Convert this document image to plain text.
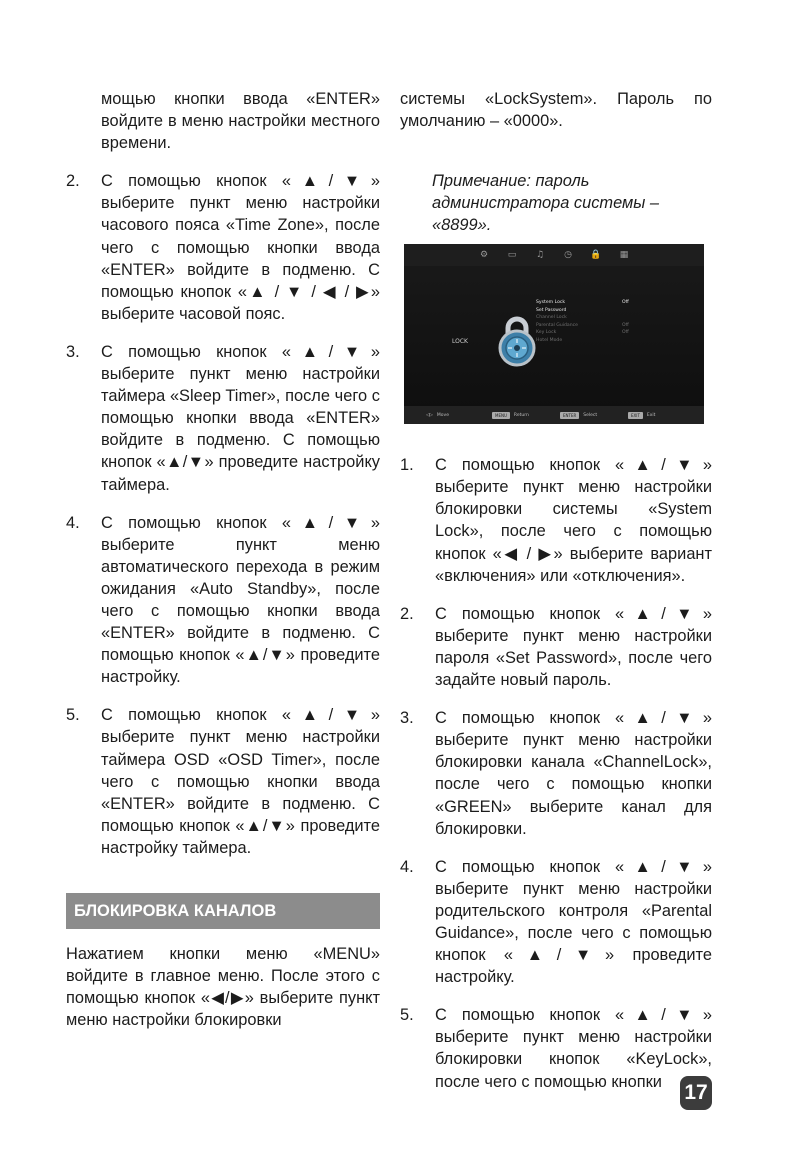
мощью кнопки ввода «ENTER» войдите в меню настройки местного времени.

2.	С помощью кнопок «▲/▼» выберите пункт меню настройки часового пояса «Time Zone», после чего с помощью кнопки ввода «ENTER» войдите в подменю. С помощью кнопок «▲ / ▼ / ◀ / ▶» выберите часовой пояс.
3.	С помощью кнопок «▲/▼» выберите пункт меню настройки таймера «Sleep Timer», после чего с помощью кнопки ввода «ENTER» войдите в подменю. С помощью кнопок «▲/▼» проведите настройку таймера.
4.	С помощью кнопок «▲/▼» выберите пункт меню автоматического перехода в режим ожидания «Auto Standby», после чего с помощью кнопки ввода «ENTER» войдите в подменю. С помощью кнопок «▲/▼» проведите настройку.
5.	С помощью кнопок «▲/▼» выберите пункт меню настройки таймера OSD «OSD Timer», после чего с помощью кнопки ввода «ENTER» войдите в подменю. С помощью кнопок «▲/▼» проведите настройку таймера.
БЛОКИРОВКА КАНАЛОВ

Нажатием кнопки меню «MENU» войдите в главное меню. После этого с помощью кнопок «◀/▶» выберите пункт меню настройки блокировки

системы «LockSystem». Пароль по умолчанию – «0000».

Примечание: пароль администратора системы – «8899».
⚙	▭	♫	◷	🔒	▦
LOCK
System Lock	Off
Set Password
Channel Lock
Parental Guidance	Off
Key Lock	Off
Hotel Mode
◁▷ Move	MENU	Return	ENTER	Select	EXIT	Exit
1.	С помощью кнопок «▲/▼» выберите пункт меню настройки блокировки системы «System Lock», после чего с помощью кнопок «◀ / ▶» выберите вариант «включения» или «отключения».
2.	С помощью кнопок «▲/▼» выберите пункт меню настройки пароля «Set Password», после чего задайте новый пароль.
3.	С помощью кнопок «▲/▼» выберите пункт меню настройки блокировки канала «ChannelLock», после чего с помощью кнопки «GREEN» выберите канал для блокировки.
4.	С помощью кнопок «▲/▼» выберите пункт меню настройки родительского контроля «Parental Guidance», после чего с помощью кнопок «▲/▼» проведите настройку.
5.	С помощью кнопок «▲/▼» выберите пункт меню настройки блокировки кнопок «KeyLock», после чего с помощью кнопки	17
